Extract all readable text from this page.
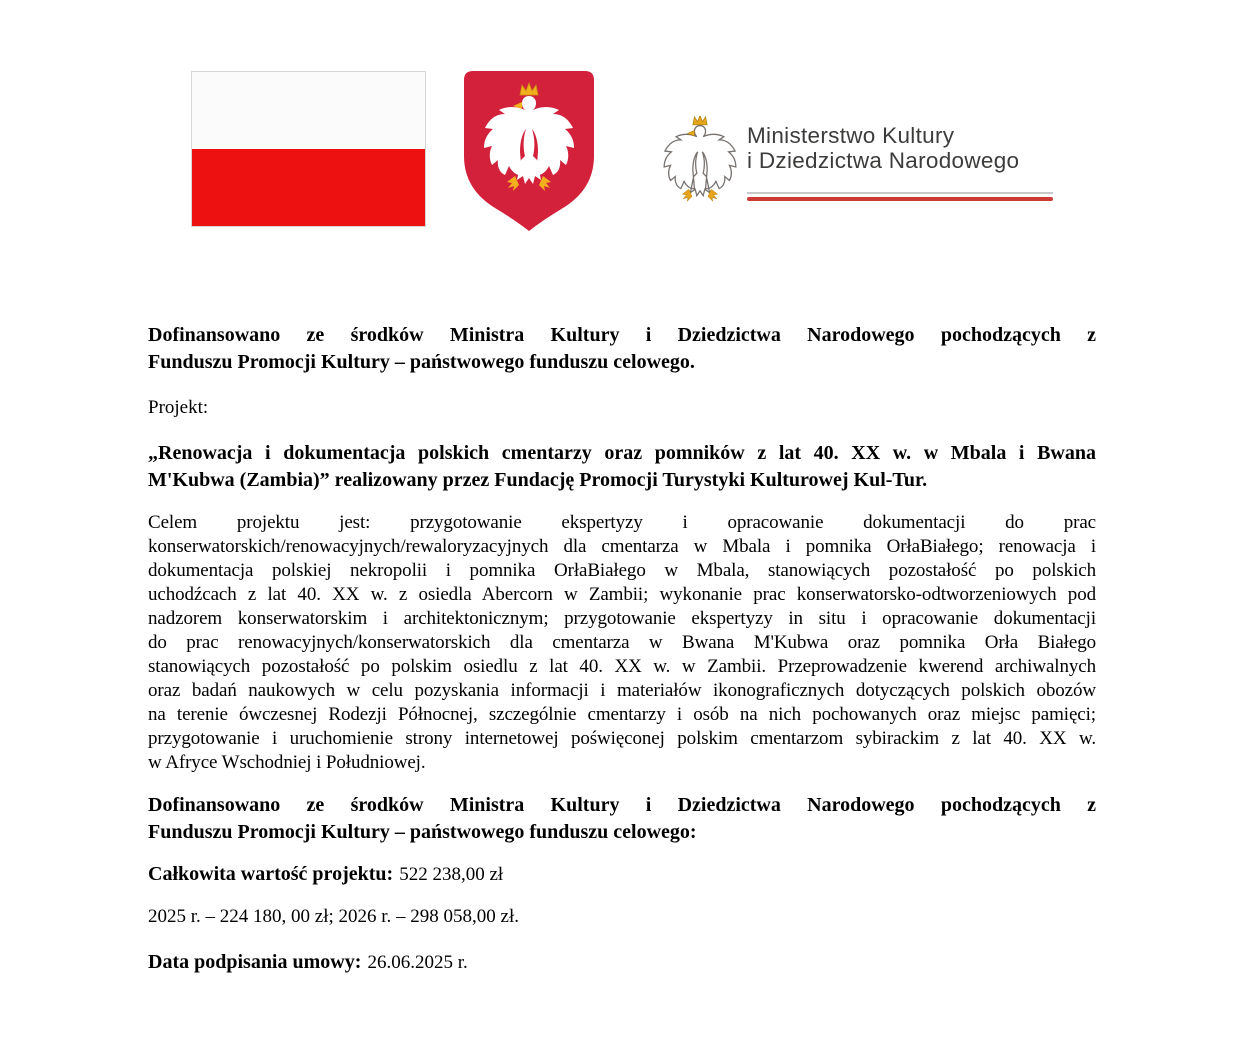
Ministerstwo Kultury
i Dziedzictwa Narodowego
Dofinansowano ze środków Ministra Kultury i Dziedzictwa Narodowego pochodzących z
Funduszu Promocji Kultury – państwowego funduszu celowego.

Projekt:

„Renowacja i dokumentacja polskich cmentarzy oraz pomników z lat 40. XX w. w Mbala i Bwana
M'Kubwa (Zambia)” realizowany przez Fundację Promocji Turystyki Kulturowej Kul-Tur.
Celem projektu jest: przygotowanie ekspertyzy i opracowanie dokumentacji do prac
konserwatorskich/renowacyjnych/rewaloryzacyjnych dla cmentarza w Mbala i pomnika OrłaBiałego; renowacja i
dokumentacja polskiej nekropolii i pomnika OrłaBiałego w Mbala, stanowiących pozostałość po polskich
uchodźcach z lat 40. XX w. z osiedla Abercorn w Zambii; wykonanie prac konserwatorsko-odtworzeniowych pod
nadzorem konserwatorskim i architektonicznym; przygotowanie ekspertyzy in situ i opracowanie dokumentacji
do prac renowacyjnych/konserwatorskich dla cmentarza w Bwana M'Kubwa oraz pomnika Orła Białego
stanowiących pozostałość po polskim osiedlu z lat 40. XX w. w Zambii. Przeprowadzenie kwerend archiwalnych
oraz badań naukowych w celu pozyskania informacji i materiałów ikonograficznych dotyczących polskich obozów
na terenie ówczesnej Rodezji Północnej, szczególnie cmentarzy i osób na nich pochowanych oraz miejsc pamięci;
przygotowanie i uruchomienie strony internetowej poświęconej polskim cmentarzom sybirackim z lat 40. XX w.
w Afryce Wschodniej i Południowej.
Dofinansowano ze środków Ministra Kultury i Dziedzictwa Narodowego pochodzących z
Funduszu Promocji Kultury – państwowego funduszu celowego:

Całkowita wartość projektu: 522 238,00 zł

2025 r. – 224 180, 00 zł; 2026 r. – 298 058,00 zł.

Data podpisania umowy: 26.06.2025 r.
